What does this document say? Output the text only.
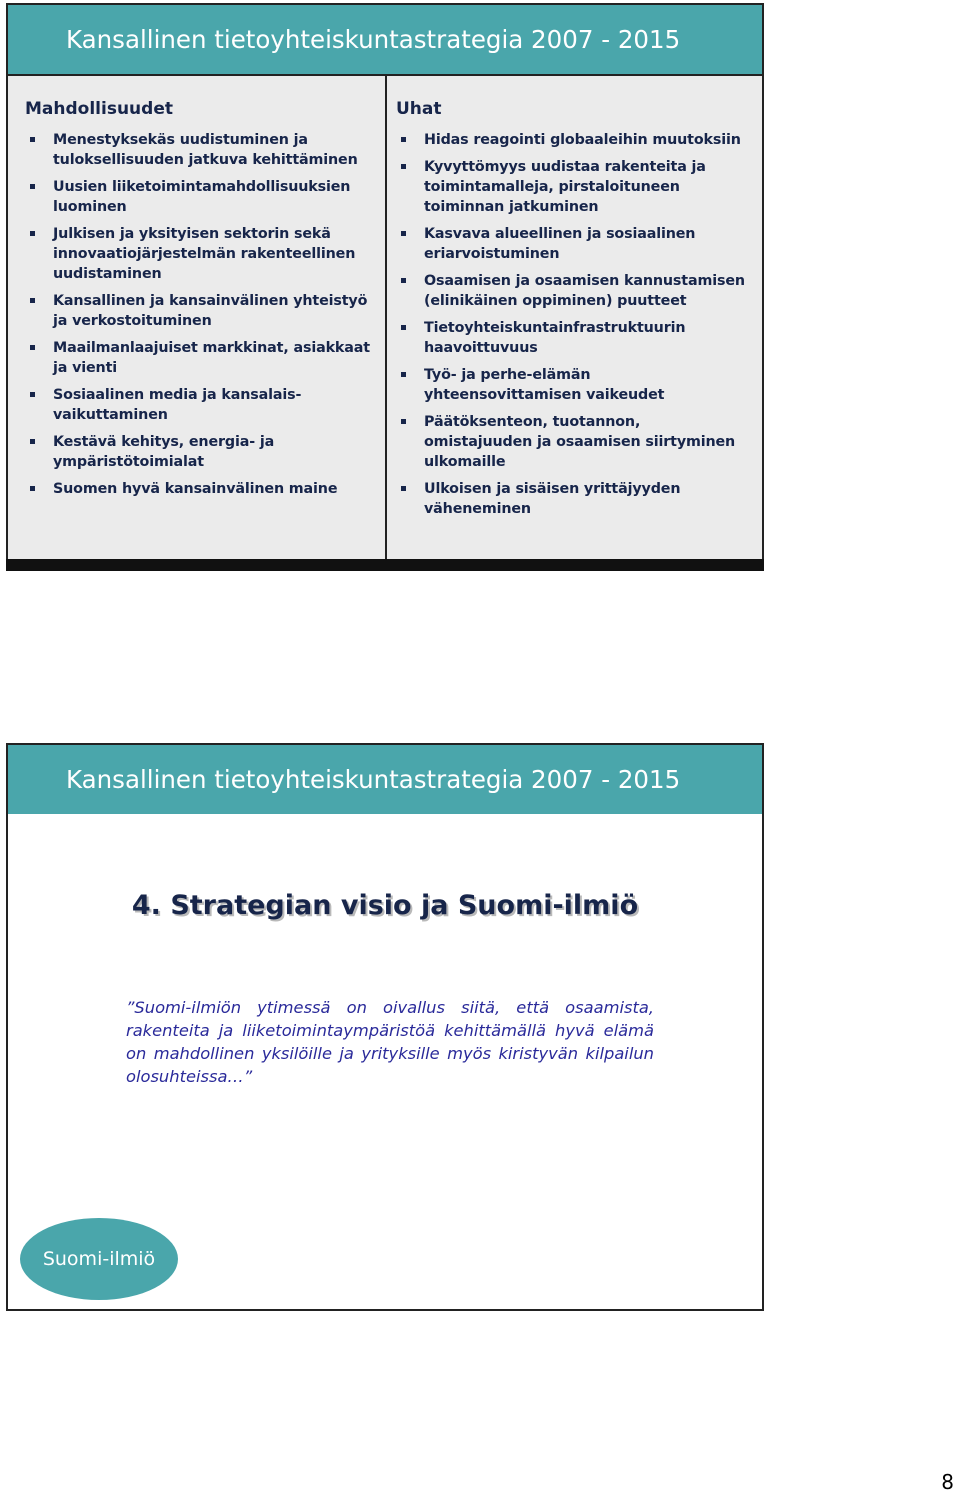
Kansallinen tietoyhteiskuntastrategia 2007 - 2015
Mahdollisuudet
Menestyksekäs uudistuminen ja tuloksellisuuden jatkuva kehittäminen
Uusien liiketoimintamahdollisuuksien luominen
Julkisen ja yksityisen sektorin sekä innovaatiojärjestelmän rakenteellinen uudistaminen
Kansallinen ja kansainvälinen yhteistyö ja verkostoituminen
Maailmanlaajuiset markkinat, asiakkaat ja vienti
Sosiaalinen media ja kansalais-vaikuttaminen
Kestävä kehitys, energia- ja ympäristötoimialat
Suomen hyvä kansainvälinen maine
Uhat
Hidas reagointi globaaleihin muutoksiin
Kyvyttömyys uudistaa rakenteita ja toimintamalleja, pirstaloituneen toiminnan jatkuminen
Kasvava alueellinen ja sosiaalinen eriarvoistuminen
Osaamisen ja osaamisen kannustamisen (elinikäinen oppiminen) puutteet
Tietoyhteiskuntainfrastruktuurin haavoittuvuus
Työ- ja perhe-elämän yhteensovittamisen vaikeudet
Päätöksenteon, tuotannon, omistajuuden ja osaamisen siirtyminen ulkomaille
Ulkoisen ja sisäisen yrittäjyyden väheneminen
Kansallinen tietoyhteiskuntastrategia 2007 - 2015
4. Strategian visio ja Suomi-ilmiö

”Suomi-ilmiön ytimessä on oivallus siitä, että osaamista, rakenteita ja liiketoimintaympäristöä kehittämällä hyvä elämä on mahdollinen yksilöille ja yrityksille myös kiristyvän kilpailun olosuhteissa…”

Suomi-ilmiö
8
